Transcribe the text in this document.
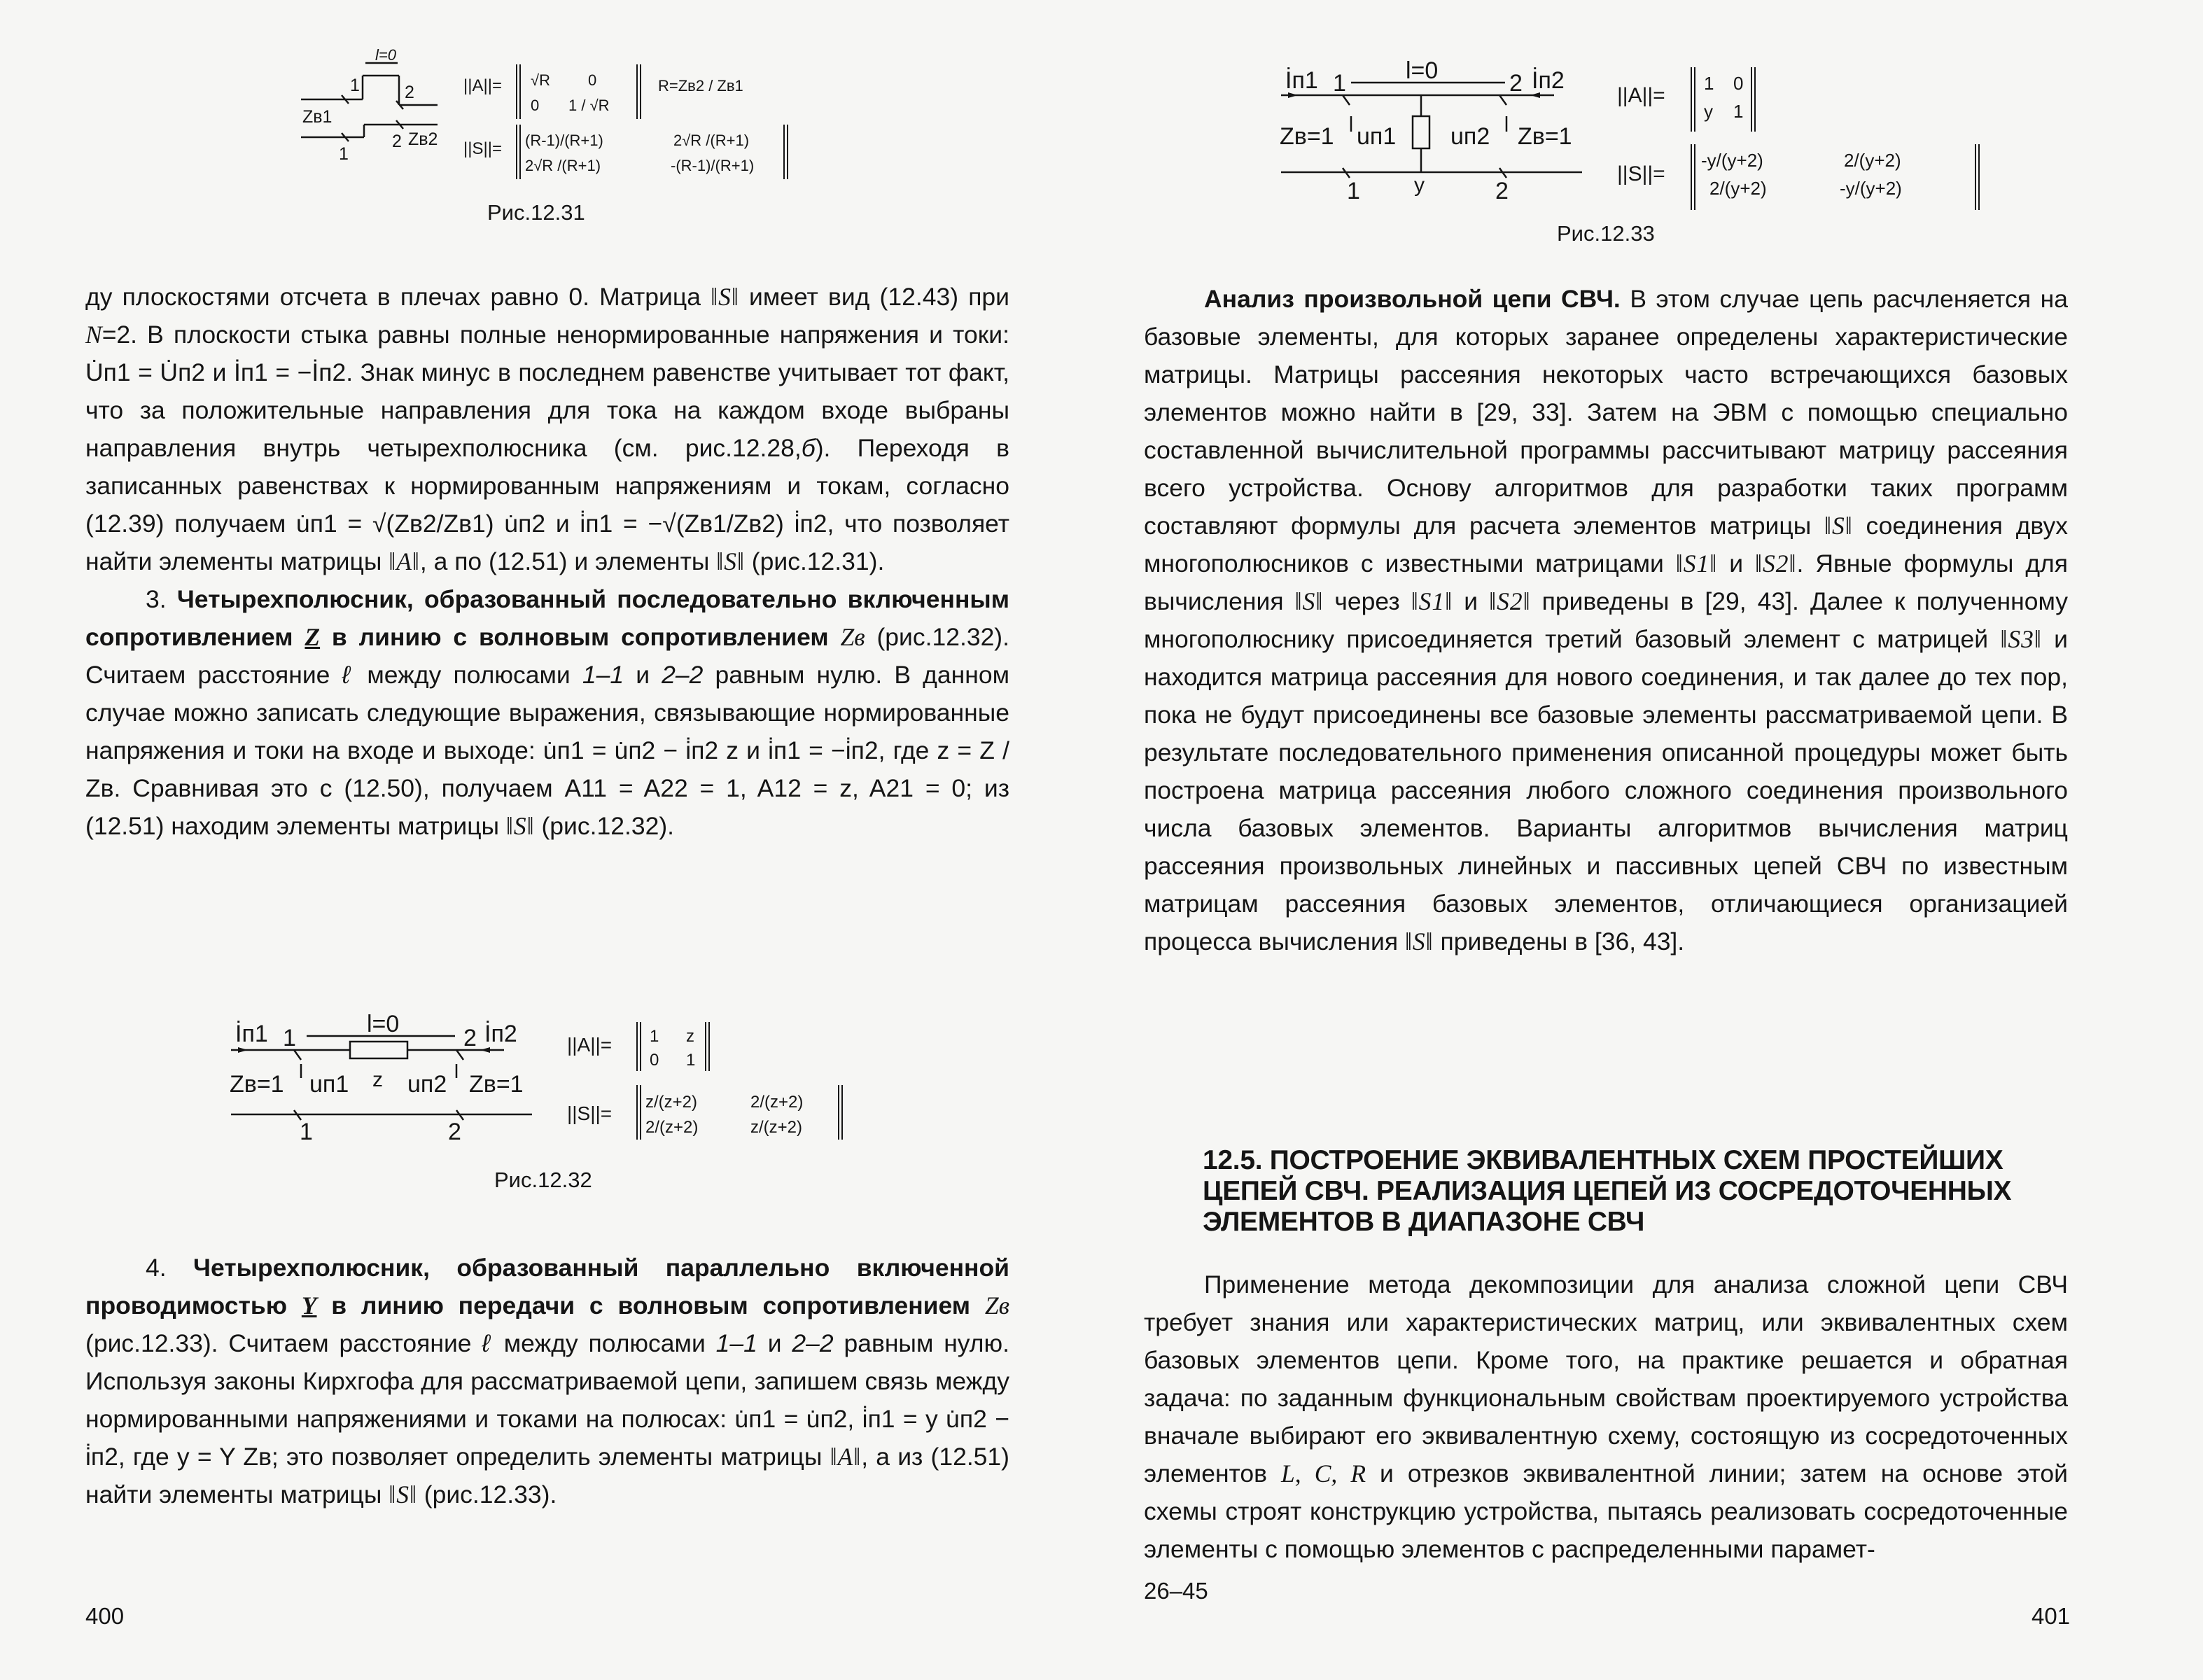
l=0
Zв1
Zв2
1	2
1
2
||A||= √R 0
0 1 / √R
R=Zв2 / Zв1
||S||= (R-1)/(R+1)	2√R /(R+1)
2√R /(R+1)	-(R-1)/(R+1)
Рис.12.31

ду плоскостями отсчета в плечах равно 0. Матрица ‖S‖ имеет вид (12.43) при N=2. В плоскости стыка равны полные ненормированные напряжения и токи: U̇п1 = U̇п2 и İп1 = −İп2. Знак минус в последнем равенстве учитывает тот факт, что за положительные направления для тока на каждом входе выбраны направления внутрь четырехполюсника (см. рис.12.28,б). Переходя в записанных равенствах к нормированным напряжениям и токам, согласно (12.39) получаем u̇п1 = √(Zв2/Zв1) u̇п2 и i̇п1 = −√(Zв1/Zв2) i̇п2, что позволяет найти элементы матрицы ‖A‖, а по (12.51) и элементы ‖S‖ (рис.12.31).

3. Четырехполюсник, образованный последовательно включенным сопротивлением Z в линию с волновым сопротивлением Zв (рис.12.32). Считаем расстояние ℓ между полюсами 1–1 и 2–2 равным нулю. В данном случае можно записать следующие выражения, связывающие нормированные напряжения и токи на входе и выходе: u̇п1 = u̇п2 − i̇п2 z и i̇п1 = −i̇п2, где z = Z / Zв. Сравнивая это с (12.50), получаем A11 = A22 = 1, A12 = z, A21 = 0; из (12.51) находим элементы матрицы ‖S‖ (рис.12.32).

l=0
İп1 1	2 İп2
Zв=1 uп1 z uп2 Zв=1
1	2
||A||= 1 z
0 1
||S||=
z/(z+2)	2/(z+2)
2/(z+2)	z/(z+2)
Рис.12.32

4. Четырехполюсник, образованный параллельно включенной проводимостью Y в линию передачи с волновым сопротивлением Zв (рис.12.33). Считаем расстояние ℓ между полюсами 1–1 и 2–2 равным нулю. Используя законы Кирхгофа для рассматриваемой цепи, запишем связь между нормированными напряжениями и токами на полюсах: u̇п1 = u̇п2, i̇п1 = y u̇п2 − i̇п2, где y = Y Zв; это позволяет определить элементы матрицы ‖A‖, а из (12.51) найти элементы матрицы ‖S‖ (рис.12.33).

400
l=0
İп1 1	2 İп2
Zв=1 uп1 uп2 Zв=1
y
1	2
||A||=
1 0
y 1
||S||=
-y/(y+2)	2/(y+2)
2/(y+2)	-y/(y+2)
Рис.12.33

Анализ произвольной цепи СВЧ. В этом случае цепь расчленяется на базовые элементы, для которых заранее определены характеристические матрицы. Матрицы рассеяния некоторых часто встречающихся базовых элементов можно найти в [29, 33]. Затем на ЭВМ с помощью специально составленной вычислительной программы рассчитывают матрицу рассеяния всего устройства. Основу алгоритмов для разработки таких программ составляют формулы для расчета элементов матрицы ‖S‖ соединения двух многополюсников с известными матрицами ‖S1‖ и ‖S2‖. Явные формулы для вычисления ‖S‖ через ‖S1‖ и ‖S2‖ приведены в [29, 43]. Далее к полученному многополюснику присоединяется третий базовый элемент с матрицей ‖S3‖ и находится матрица рассеяния для нового соединения, и так далее до тех пор, пока не будут присоединены все базовые элементы рассматриваемой цепи. В результате последовательного применения описанной процедуры может быть построена матрица рассеяния любого сложного соединения произвольного числа базовых элементов. Варианты алгоритмов вычисления матриц рассеяния произвольных линейных и пассивных цепей СВЧ по известным матрицам рассеяния базовых элементов, отличающиеся организацией процесса вычисления ‖S‖ приведены в [36, 43].

12.5. ПОСТРОЕНИЕ ЭКВИВАЛЕНТНЫХ СХЕМ ПРОСТЕЙШИХ
ЦЕПЕЙ СВЧ. РЕАЛИЗАЦИЯ ЦЕПЕЙ ИЗ СОСРЕДОТОЧЕННЫХ
ЭЛЕМЕНТОВ В ДИАПАЗОНЕ СВЧ

Применение метода декомпозиции для анализа сложной цепи СВЧ требует знания или характеристических матриц, или эквивалентных схем базовых элементов цепи. Кроме того, на практике решается и обратная задача: по заданным функциональным свойствам проектируемого устройства вначале выбирают его эквивалентную схему, состоящую из сосредоточенных элементов L, C, R и отрезков эквивалентной линии; затем на основе этой схемы строят конструкцию устройства, пытаясь реализовать сосредоточенные элементы с помощью элементов с распределенными парамет-

26–45
401
